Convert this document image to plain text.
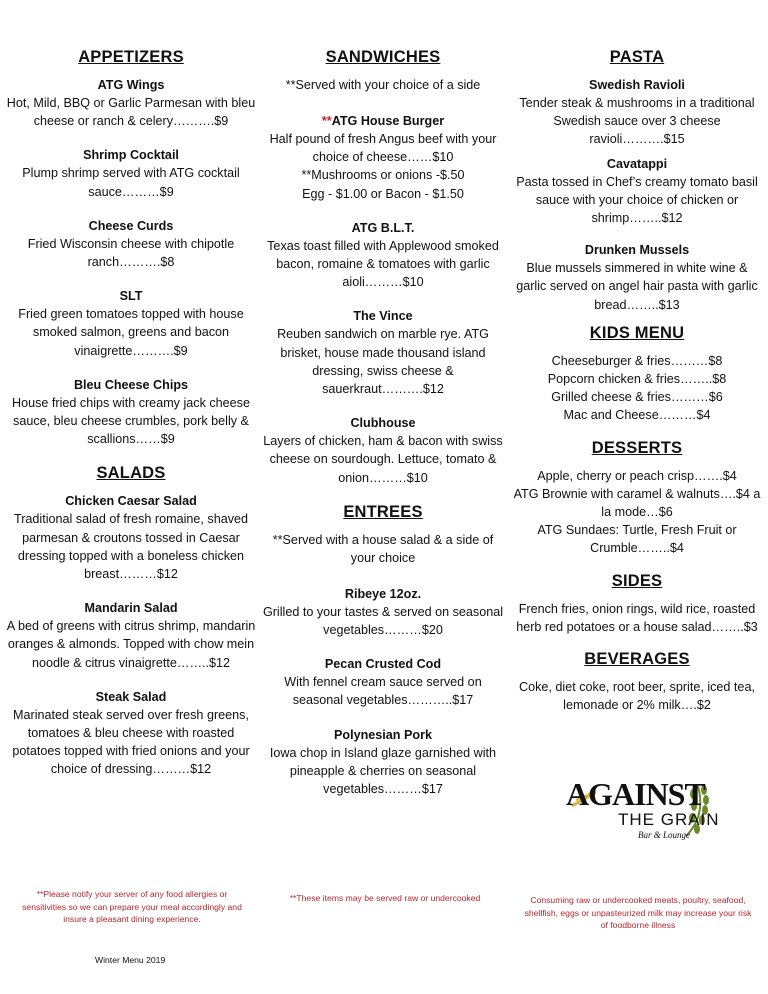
APPETIZERS
ATG Wings
Hot, Mild, BBQ or Garlic Parmesan with bleu cheese or ranch & celery……….$9
Shrimp Cocktail
Plump shrimp served with ATG cocktail sauce………$9
Cheese Curds
Fried Wisconsin cheese with chipotle ranch……….$8
SLT
Fried green tomatoes topped with house smoked salmon, greens and bacon vinaigrette……….$9
Bleu Cheese Chips
House fried chips with creamy jack cheese sauce, bleu cheese crumbles, pork belly & scallions……$9
SALADS
Chicken Caesar Salad
Traditional salad of fresh romaine, shaved parmesan & croutons tossed in Caesar dressing topped with a boneless chicken breast………$12
Mandarin Salad
A bed of greens with citrus shrimp, mandarin oranges & almonds. Topped with chow mein noodle & citrus vinaigrette……..$12
Steak Salad
Marinated steak served over fresh greens, tomatoes & bleu cheese with roasted potatoes topped with fried onions and your choice of dressing………$12
SANDWICHES
**Served with your choice of a side
**ATG House Burger
Half pound of fresh Angus beef with your choice of cheese……$10
**Mushrooms or onions -$.50
Egg - $1.00 or Bacon - $1.50
ATG B.L.T.
Texas toast filled with Applewood smoked bacon, romaine & tomatoes with garlic aioli………$10
The Vince
Reuben sandwich on marble rye. ATG brisket, house made thousand island dressing, swiss cheese & sauerkraut……….$12
Clubhouse
Layers of chicken, ham & bacon with swiss cheese on sourdough. Lettuce, tomato & onion………$10
ENTREES
**Served with a house salad & a side of your choice
Ribeye 12oz.
Grilled to your tastes & served on seasonal vegetables………$20
Pecan Crusted Cod
With fennel cream sauce served on seasonal vegetables………..$17
Polynesian Pork
Iowa chop in Island glaze garnished with pineapple & cherries on seasonal vegetables………$17
PASTA
Swedish Ravioli
Tender steak & mushrooms in a traditional Swedish sauce over 3 cheese ravioli……….$15
Cavatappi
Pasta tossed in Chef’s creamy tomato basil sauce with your choice of chicken or shrimp……..$12
Drunken Mussels
Blue mussels simmered in white wine & garlic served on angel hair pasta with garlic bread……..$13
KIDS MENU
Cheeseburger & fries………$8
Popcorn chicken & fries……..$8
Grilled cheese & fries………$6
Mac and Cheese………$4
DESSERTS
Apple, cherry or peach crisp…….$4
ATG Brownie with caramel & walnuts….$4 a la mode…$6
ATG Sundaes: Turtle, Fresh Fruit or Crumble……..$4
SIDES
French fries, onion rings, wild rice, roasted herb red potatoes or a house salad……..$3
BEVERAGES
Coke, diet coke, root beer, sprite, iced tea, lemonade or 2% milk….$2
AGAINST
THE GRAIN
Bar & Lounge
**Please notify your server of any food allergies or sensitivities so we can prepare your meal accordingly and insure a pleasant dining experience.
**These items may be served raw or undercooked	Consuming raw or undercooked meats, poultry, seafood, shellfish, eggs or unpasteurized milk may increase your risk of foodborne illness
Winter Menu 2019
